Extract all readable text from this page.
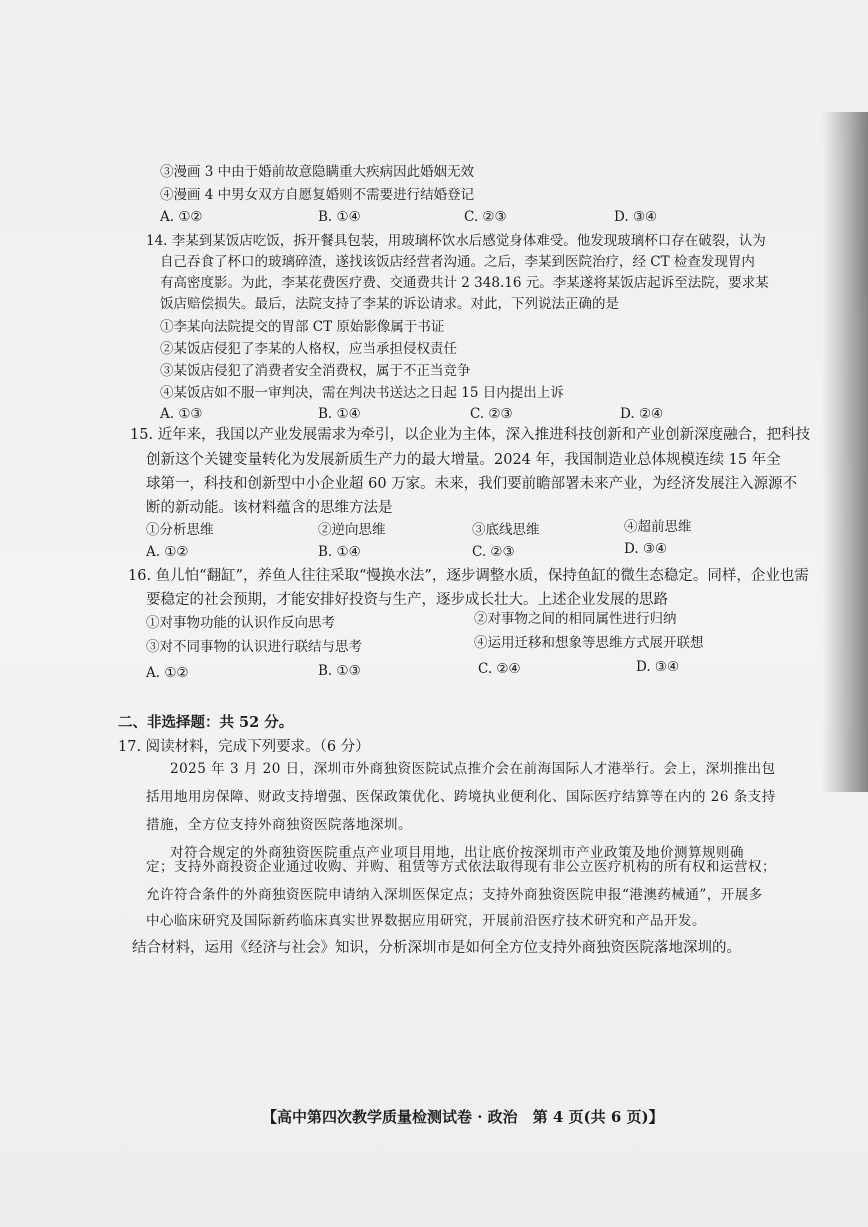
③漫画 3 中由于婚前故意隐瞒重大疾病因此婚姻无效
④漫画 4 中男女双方自愿复婚则不需要进行结婚登记
A. ①②	B. ①④	C. ②③	D. ③④
14. 李某到某饭店吃饭，拆开餐具包装，用玻璃杯饮水后感觉身体难受。他发现玻璃杯口存在破裂，认为
自己吞食了杯口的玻璃碎渣，遂找该饭店经营者沟通。之后，李某到医院治疗，经 CT 检查发现胃内
有高密度影。为此，李某花费医疗费、交通费共计 2 348.16 元。李某遂将某饭店起诉至法院，要求某
饭店赔偿损失。最后，法院支持了李某的诉讼请求。对此，下列说法正确的是
①李某向法院提交的胃部 CT 原始影像属于书证
②某饭店侵犯了李某的人格权，应当承担侵权责任
③某饭店侵犯了消费者安全消费权，属于不正当竞争
④某饭店如不服一审判决，需在判决书送达之日起 15 日内提出上诉
A. ①③	B. ①④	C. ②③	D. ②④
15. 近年来，我国以产业发展需求为牵引，以企业为主体，深入推进科技创新和产业创新深度融合，把科技
创新这个关键变量转化为发展新质生产力的最大增量。2024 年，我国制造业总体规模连续 15 年全
球第一，科技和创新型中小企业超 60 万家。未来，我们要前瞻部署未来产业，为经济发展注入源源不
断的新动能。该材料蕴含的思维方法是
①分析思维	②逆向思维	③底线思维	④超前思维
A. ①②	B. ①④	C. ②③	D. ③④
16. 鱼儿怕“翻缸”，养鱼人往往采取“慢换水法”，逐步调整水质，保持鱼缸的微生态稳定。同样，企业也需
要稳定的社会预期，才能安排好投资与生产，逐步成长壮大。上述企业发展的思路
①对事物功能的认识作反向思考	②对事物之间的相同属性进行归纳
③对不同事物的认识进行联结与思考	④运用迁移和想象等思维方式展开联想
A. ①②	B. ①③	C. ②④	D. ③④
二、非选择题：共 52 分。
17. 阅读材料，完成下列要求。（6 分）
2025 年 3 月 20 日，深圳市外商独资医院试点推介会在前海国际人才港举行。会上，深圳推出包
括用地用房保障、财政支持增强、医保政策优化、跨境执业便利化、国际医疗结算等在内的 26 条支持
措施，全方位支持外商独资医院落地深圳。
对符合规定的外商独资医院重点产业项目用地，出让底价按深圳市产业政策及地价测算规则确
定；支持外商投资企业通过收购、并购、租赁等方式依法取得现有非公立医疗机构的所有权和运营权；
允许符合条件的外商独资医院申请纳入深圳医保定点；支持外商独资医院申报“港澳药械通”，开展多
中心临床研究及国际新药临床真实世界数据应用研究，开展前沿医疗技术研究和产品开发。
结合材料，运用《经济与社会》知识，分析深圳市是如何全方位支持外商独资医院落地深圳的。
【高中第四次教学质量检测试卷 · 政治　第 4 页(共 6 页)】
